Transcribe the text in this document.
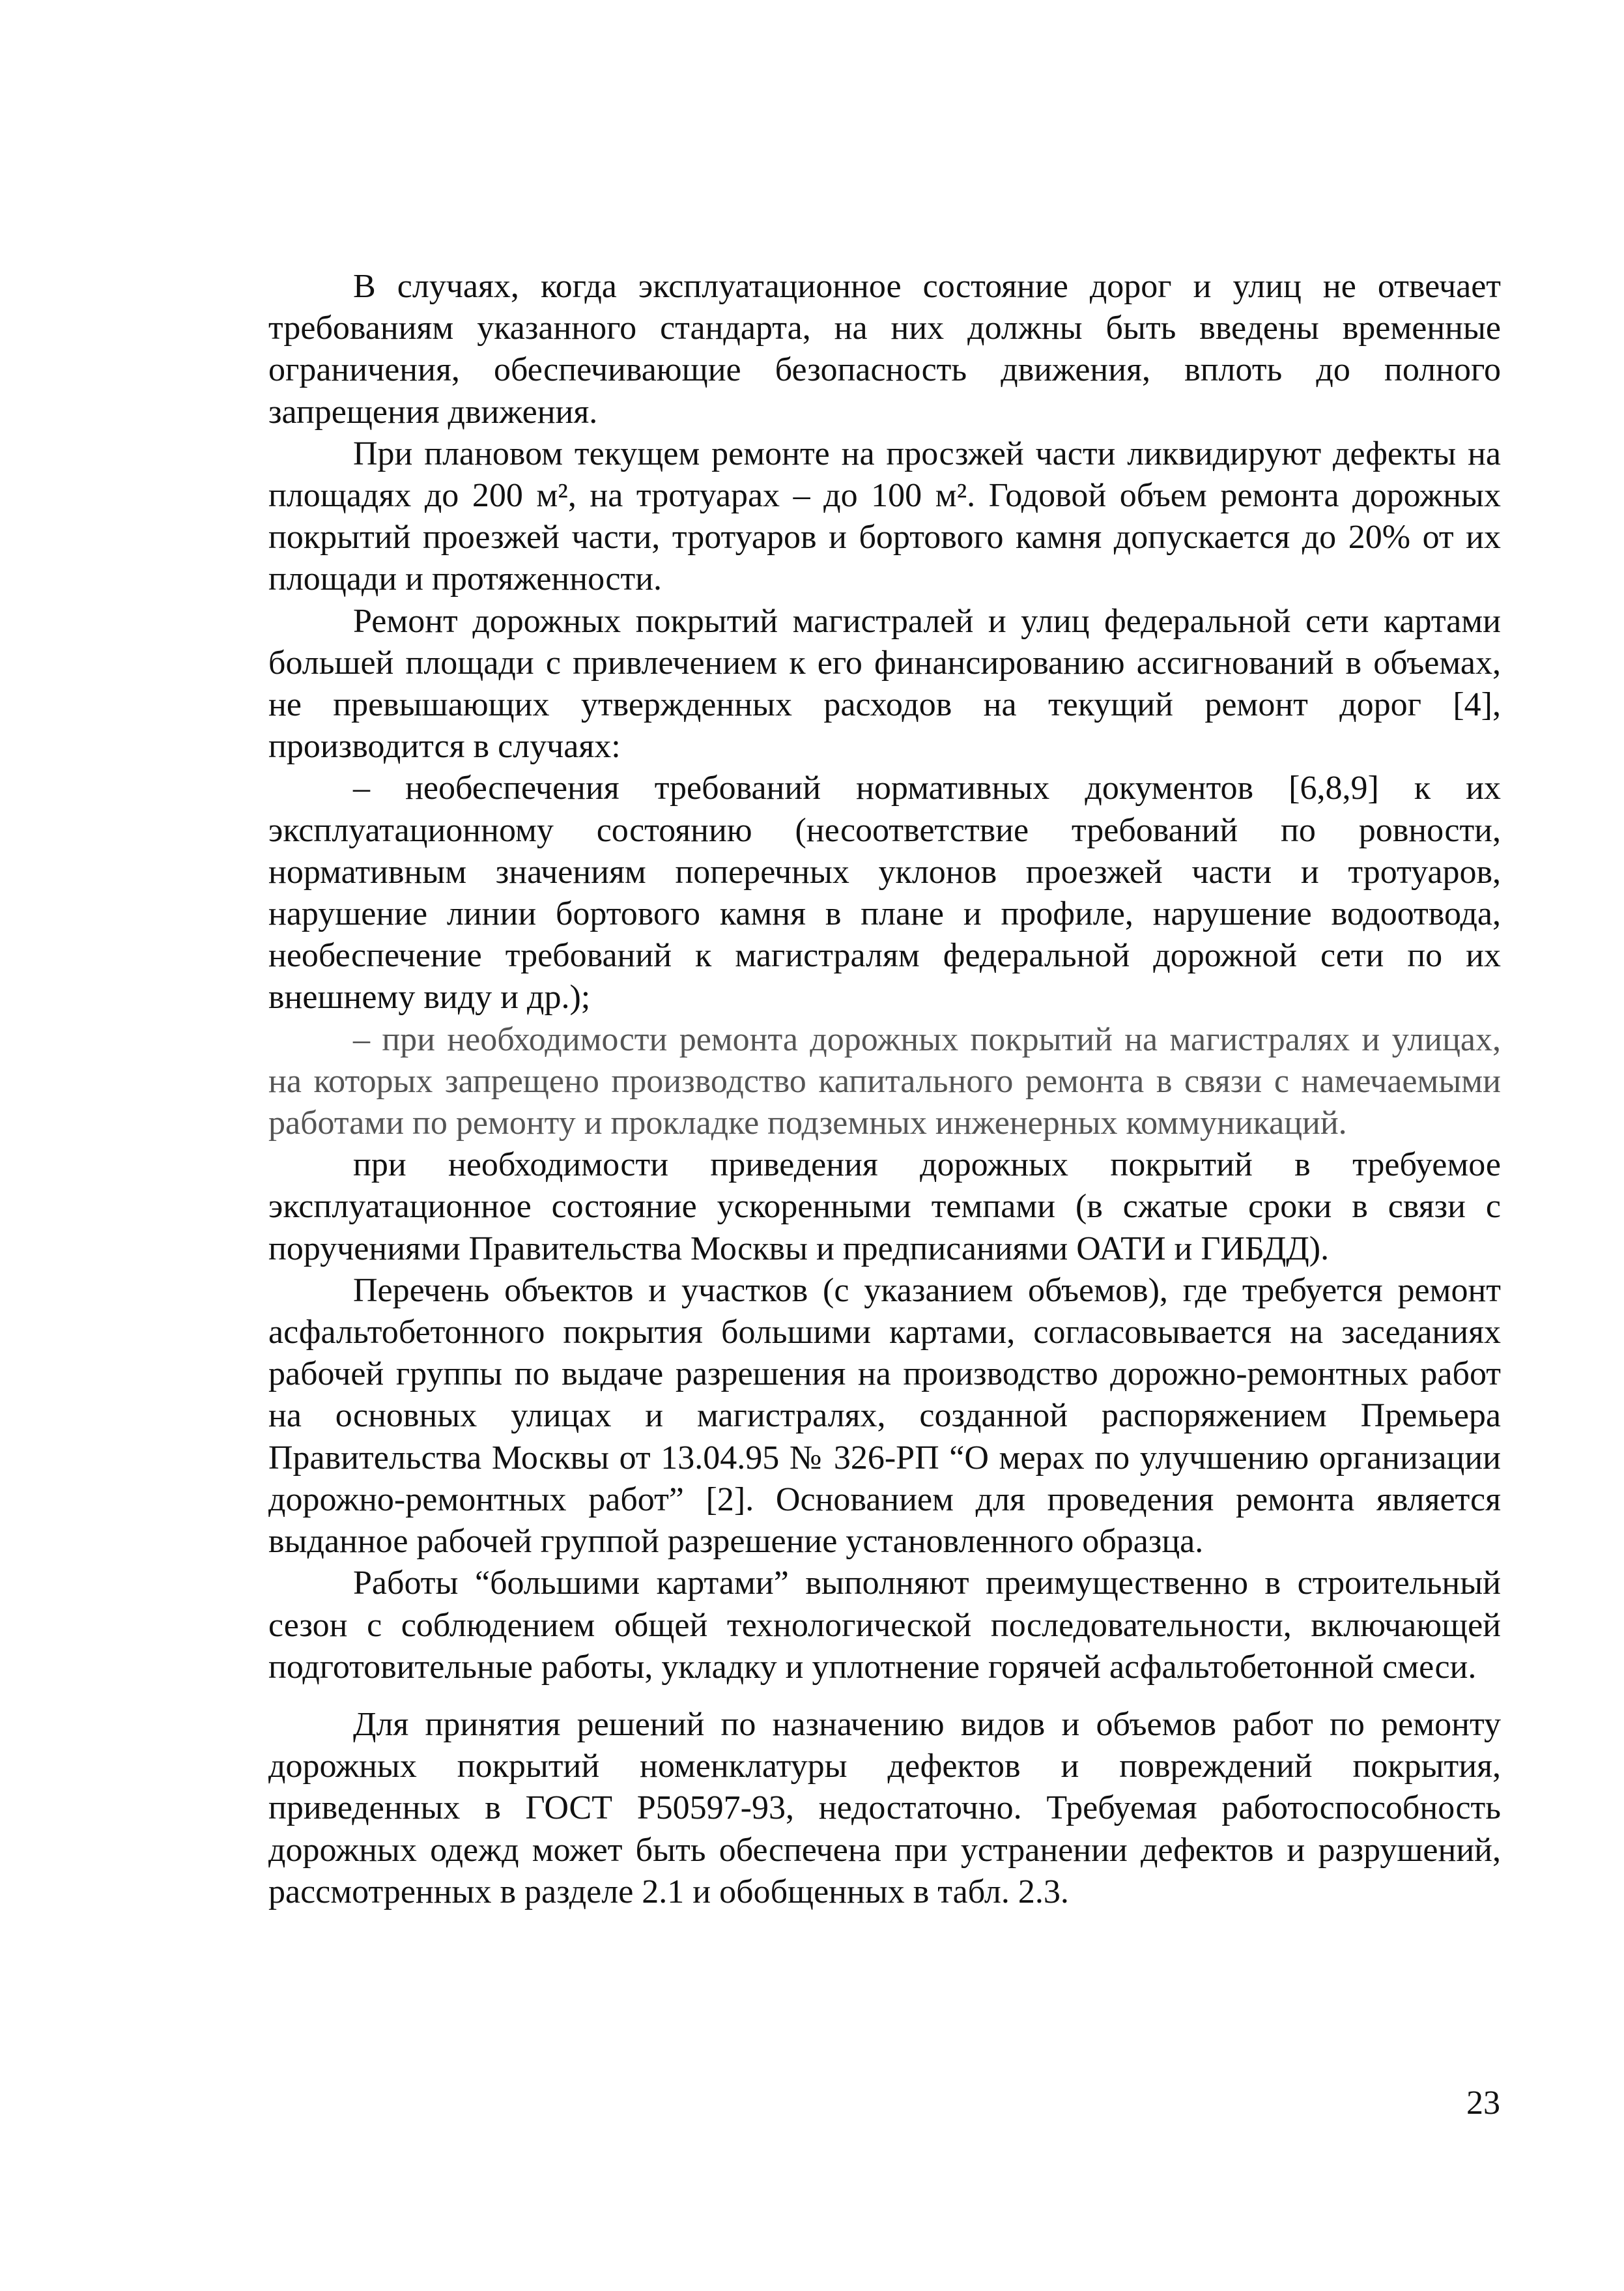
В случаях, когда эксплуатационное состояние дорог и улиц не отвечает требованиям указанного стандарта, на них должны быть введены временные ограничения, обеспечивающие безопасность движения, вплоть до полного запрещения движения.

При плановом текущем ремонте на просзжей части ликвидируют дефекты на площадях до 200 м², на тротуарах – до 100 м². Годовой объем ремонта дорожных покрытий проезжей части, тротуаров и бортового камня допускается до 20% от их площади и протяженности.

Ремонт дорожных покрытий магистралей и улиц федеральной сети картами большей площади с привлечением к его финансированию ассигнований в объемах, не превышающих утвержденных расходов на текущий ремонт дорог [4], производится в случаях:

– необеспечения требований нормативных документов [6,8,9] к их эксплуатационному состоянию (несоответствие требований по ровности, нормативным значениям поперечных уклонов проезжей части и тротуаров, нарушение линии бортового камня в плане и профиле, нарушение водоотвода, необеспечение требований к магистралям федеральной дорожной сети по их внешнему виду и др.);

– при необходимости ремонта дорожных покрытий на магистралях и улицах, на которых запрещено производство капитального ремонта в связи с намечаемыми работами по ремонту и прокладке подземных инженерных коммуникаций.

при необходимости приведения дорожных покрытий в требуемое эксплуатационное состояние ускоренными темпами (в сжатые сроки в связи с поручениями Правительства Москвы и предписаниями ОАТИ и ГИБДД).

Перечень объектов и участков (с указанием объемов), где требуется ремонт асфальтобетонного покрытия большими картами, согласовывается на заседаниях рабочей группы по выдаче разрешения на производство дорожно-ремонтных работ на основных улицах и магистралях, созданной распоряжением Премьера Правительства Москвы от 13.04.95 № 326-РП “О мерах по улучшению организации дорожно-ремонтных работ” [2]. Основанием для проведения ремонта является выданное рабочей группой разрешение установленного образца.

Работы “большими картами” выполняют преимущественно в строительный сезон с соблюдением общей технологической последовательности, включающей подготовительные работы, укладку и уплотнение горячей асфальтобетонной смеси.

Для принятия решений по назначению видов и объемов работ по ремонту дорожных покрытий номенклатуры дефектов и повреждений покрытия, приведенных в ГОСТ Р50597-93, недостаточно. Требуемая работоспособность дорожных одежд может быть обеспечена при устранении дефектов и разрушений, рассмотренных в разделе 2.1 и обобщенных в табл. 2.3.

23
